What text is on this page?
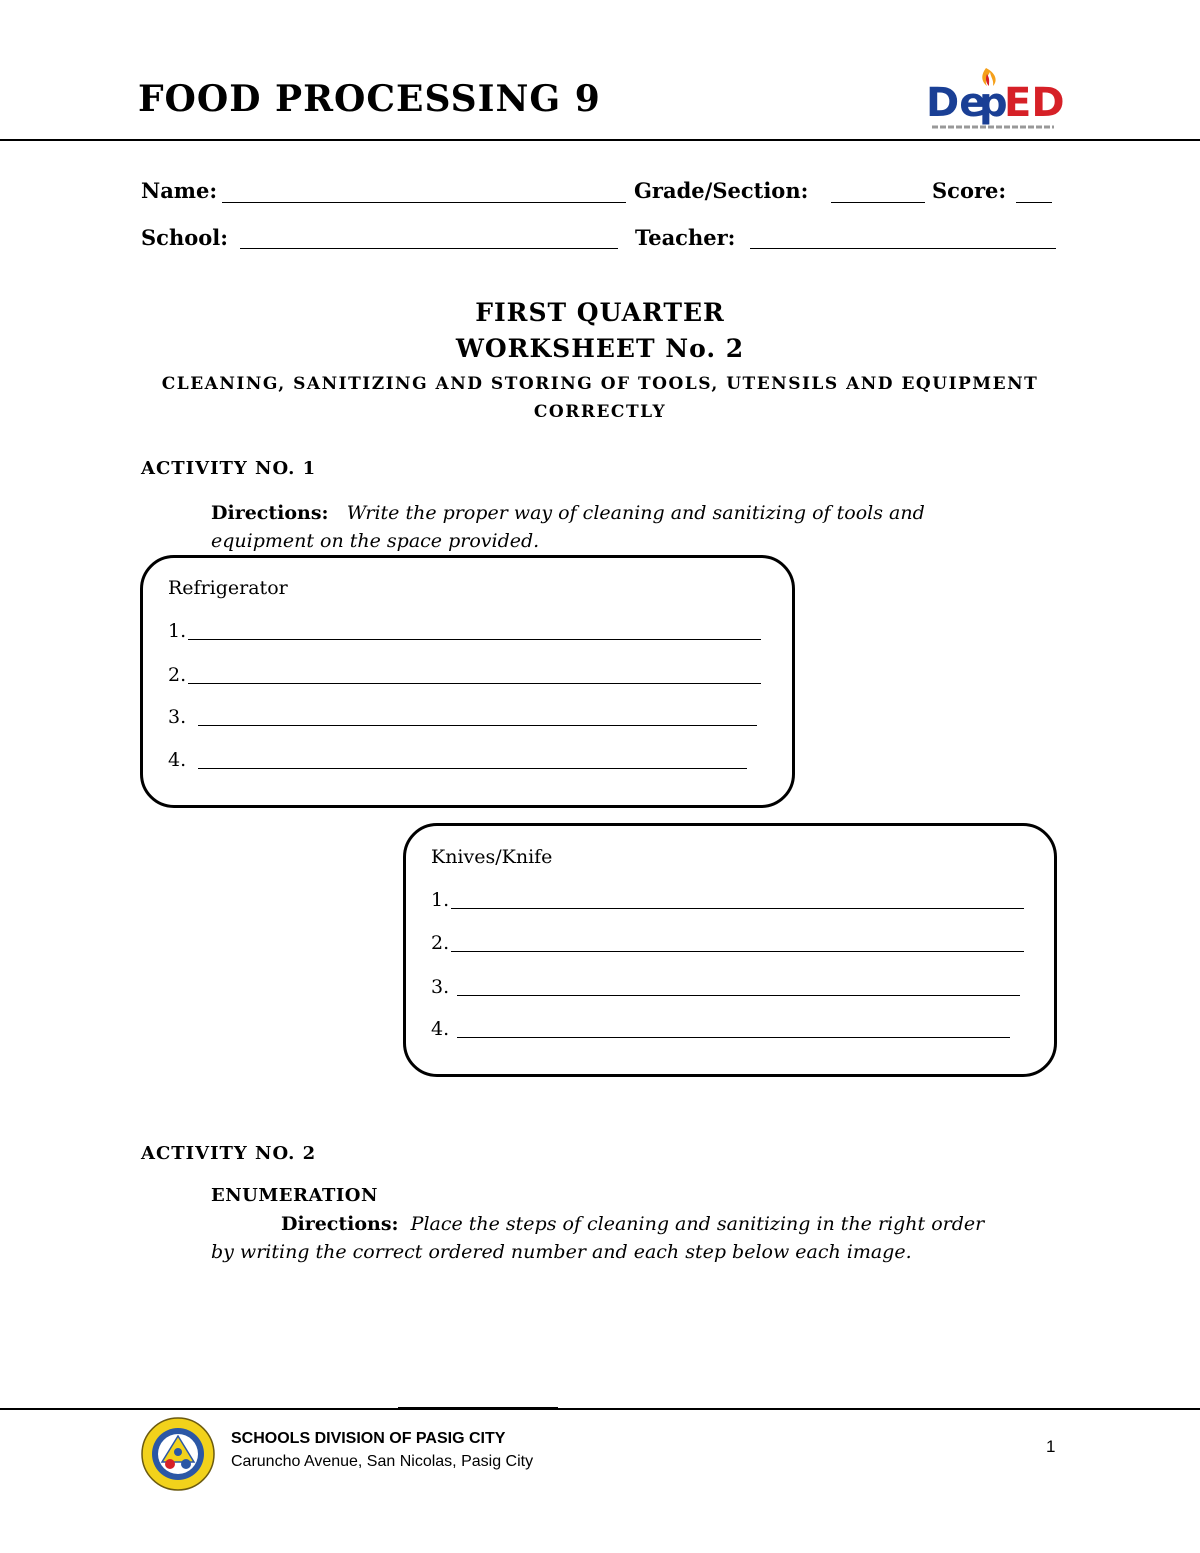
FOOD PROCESSING 9	De
p
ED
Name:	Grade/Section:	Score:
School:	Teacher:
FIRST QUARTER
WORKSHEET No. 2
CLEANING, SANITIZING AND STORING OF TOOLS, UTENSILS AND EQUIPMENT
CORRECTLY
ACTIVITY NO. 1
Directions: Write the proper way of cleaning and sanitizing of tools and
equipment on the space provided.
Refrigerator
1.
2.
3.
4.
Knives/Knife
1.
2.
3.
4.
ACTIVITY NO. 2
ENUMERATION
Directions: Place the steps of cleaning and sanitizing in the right order
by writing the correct ordered number and each step below each image.
SCHOOLS DIVISION OF PASIG CITY
Caruncho Avenue, San Nicolas, Pasig City
1
